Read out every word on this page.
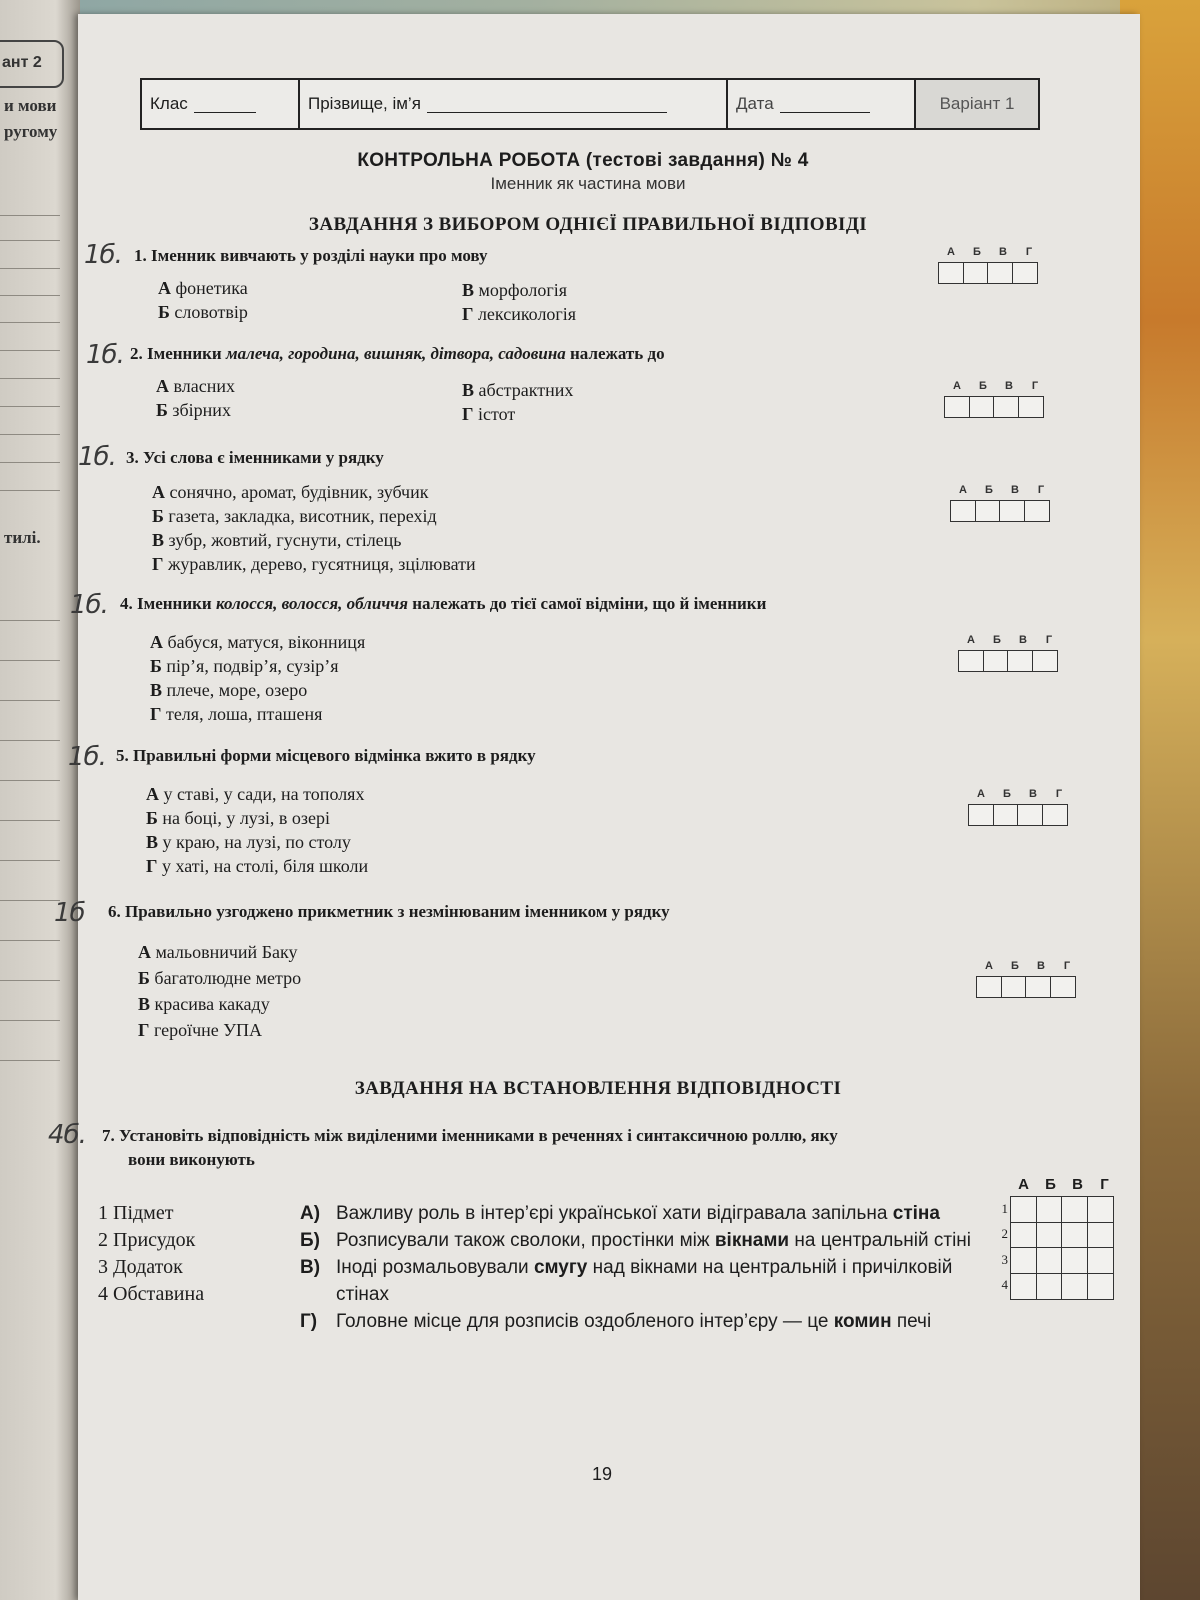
ант 2
и мови
ругому
тилі.
Клас	Прізвище, ім’я	Дата	Варіант 1
КОНТРОЛЬНА РОБОТА (тестові завдання) № 4
Іменник як частина мови
ЗАВДАННЯ З ВИБОРОМ ОДНІЄЇ ПРАВИЛЬНОЇ ВІДПОВІДІ
1б. 1. Іменник вивчають у розділі науки про мову
А фонетика
Б словотвір
В морфологія
Г лексикологія
А	Б	В	Г
1б. 2. Іменники малеча, городина, вишняк, дітвора, садовина належать до
А власних
Б збірних
В абстрактних
Г істот
А	Б	В	Г
1б. 3. Усі слова є іменниками у рядку
А сонячно, аромат, будівник, зубчик
Б газета, закладка, висотник, перехід
В зубр, жовтий, гуснути, стілець
Г журавлик, дерево, гусятниця, зцілювати
А	Б	В	Г
1б. 4. Іменники колосся, волосся, обличчя належать до тієї самої відміни, що й іменники
А бабуся, матуся, віконниця
Б пір’я, подвір’я, сузір’я
В плече, море, озеро
Г теля, лоша, пташеня
А	Б	В	Г
1б. 5. Правильні форми місцевого відмінка вжито в рядку
А у ставі, у сади, на тополях
Б на боці, у лузі, в озері
В у краю, на лузі, по столу
Г у хаті, на столі, біля школи
А	Б	В	Г
1б 6. Правильно узгоджено прикметник з незмінюваним іменником у рядку
А мальовничий Баку
Б багатолюдне метро
В красива какаду
Г героїчне УПА
А	Б	В	Г
ЗАВДАННЯ НА ВСТАНОВЛЕННЯ ВІДПОВІДНОСТІ
4б. 7. Установіть відповідність між виділеними іменниками в реченнях і синтаксичною роллю, яку
вони виконують
1 Підмет
2 Присудок
3 Додаток
4 Обставина
А) Важливу роль в інтер’єрі української хати відігравала запільна стіна
Б) Розписували також сволоки, простінки між вікнами на центральній стіні
В) Іноді розмальовували смугу над вікнами на центральній і причілковій стінах
Г) Головне місце для розписів оздобленого інтер’єру — це комин печі
А	Б	В	Г
1
2
3
4
19
